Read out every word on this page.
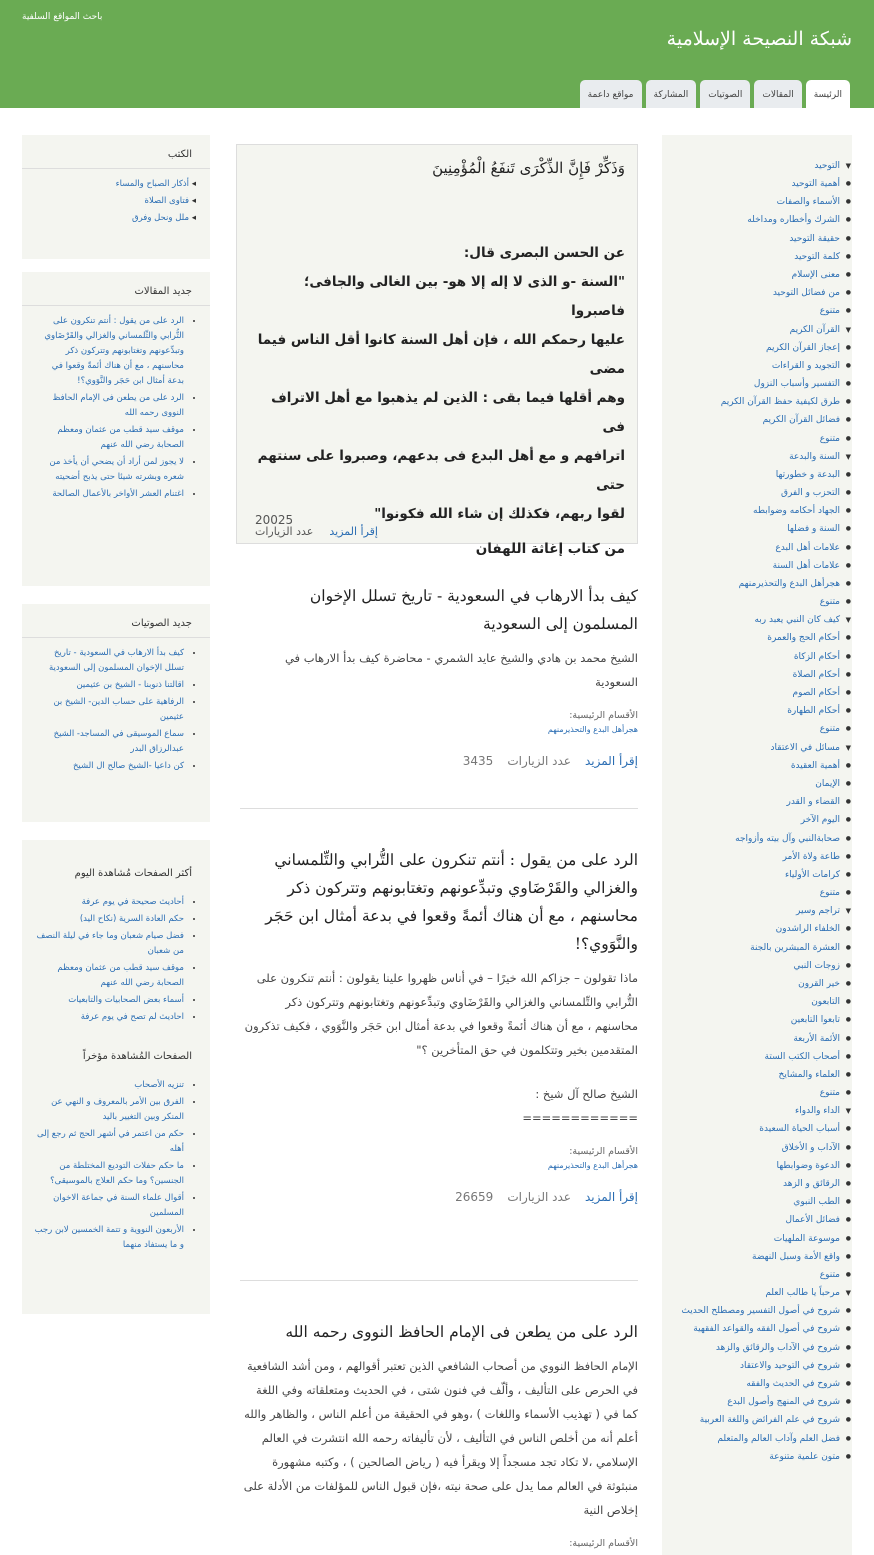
شبكة النصيحة الإسلامية
باحث المواقع السلفية
الرئيسة
المقالات
الصوتيات
المشاركة
مواقع داعمة
▼ التوحيد
● أهمية التوحيد
● الأسماء والصفات
● الشرك وأخطاره ومداخله
● حقيقة التوحيد
● كلمة التوحيد
● معنى الإسلام
● من فضائل التوحيد
● متنوع
▼ القرآن الكريم
● إعجاز القرآن الكريم
● التجويد و القراءات
● التفسير وأسباب النزول
● طرق لكيفية حفظ القرآن الكريم
● فضائل القرآن الكريم
● متنوع
▼ السنة والبدعة
● البدعة و خطورتها
● التحزب و الفرق
● الجهاد أحكامه وضوابطه
● السنة و فضلها
● علامات أهل البدع
● علامات أهل السنة
● هجرأهل البدع والتحذيرمنهم
● متنوع
▼ كيف كان النبي يعبد ربه
● أحكام الحج والعمرة
● أحكام الزكاة
● أحكام الصلاة
● أحكام الصوم
● أحكام الطهارة
● متنوع
▼ مسائل في الاعتقاد
● أهمية العقيدة
● الإيمان
● القضاء و القدر
● اليوم الآخر
● صحابةالنبي وآل بيته وأزواجه
● طاعة ولاة الأمر
● كرامات الأولياء
● متنوع
▼ تراجم وسير
● الخلفاء الراشدون
● العشرة المبشرين بالجنة
● زوجات النبي
● خير القرون
● التابعون
● تابعوا التابعين
● الأئمة الأربعة
● أصحاب الكتب الستة
● العلماء والمشايخ
● متنوع
▼ الداء والدواء
● أسباب الحياة السعيدة
● الآداب و الأخلاق
● الدعوة وضوابطها
● الرقائق و الزهد
● الطب النبوي
● فضائل الأعمال
● موسوعة الملهيات
● واقع الأمة وسبل النهضة
● متنوع
▼ مرحباً يا طالب العلم
● شروح في أصول التفسير ومصطلح الحديث
● شروح في أصول الفقه والقواعد الفقهية
● شروح في الآداب والرقائق والزهد
● شروح في التوحيد والاعتقاد
● شروح في الحديث والفقه
● شروح في المنهج وأصول البدع
● شروح في علم الفرائض واللغة العربية
● فضل العلم وآداب العالم والمتعلم
● متون علمية متنوعة
الكتب
◂ أذكار الصباح والمساء
◂ فتاوى الصلاة
◂ ملل ونحل وفرق
جديد المقالات
• الرد على من يقول : أنتم تنكرون على التُّرابي والتِّلمساني والغزالي والقَرْضَاوي وتبدِّعونهم وتغتابونهم وتتركون ذكر محاسنهم ، مع أن هناك أئمةً وقعوا في بدعة أمثال ابن حَجَر والنَّوَوي؟!
• الرد على من يطعن فى الإمام الحافظ النووى رحمه الله
• موقف سيد قطب من عثمان ومعظم الصحابة رضي الله عنهم
• لا يجوز لمن أراد أن يضحي أن يأخذ من شعره وبشرته شيئا حتى يذبح أضحيته
• اغتنام العشر الأواخر بالأعمال الصالحة
جديد الصوتيات
• كيف بدأ الارهاب في السعودية - تاريخ تسلل الإخوان المسلمون إلى السعودية
• اقالتنا ذنوبنا - الشيخ بن عثيمين
• الرفاهية على حساب الدين- الشيخ بن عثيمين
• سماع الموسيقى في المساجد- الشيخ عبدالرزاق البدر
• كن داعيا -الشيخ صالح ال الشيخ
أكثر الصفحات مُشاهدة اليوم
• أحاديث صحيحة في يوم عرفة
• حكم العادة السرية (نكاح اليد)
• فضل صيام شعبان وما جاء في ليلة النصف من شعبان
• موقف سيد قطب من عثمان ومعظم الصحابة رضي الله عنهم
• أسماء بعض الصحابيات والتابعيات
• احاديث لم تصح في يوم عرفة
الصفحات المُشاهدة مؤخراً
• تنزيه الأصحاب
• الفرق بين الأمر بالمعروف و النهي عن المنكر وبين التغيير باليد
• حكم من اعتمر في أشهر الحج ثم رجع إلى أهله
• ما حكم حفلات التوديع المختلطة من الجنسين؟ وما حكم العلاج بالموسيقى؟
• أقوال علماء السنة في جماعة الاخوان المسلمين
• الأربعون النووية و تتمة الخمسين لابن رجب و ما يستفاد منهما
وَذَكِّرْ فَإِنَّ الذِّكْرَى تَنفَعُ الْمُؤْمِنِينَ
عن الحسن البصرى قال:
"السنة -و الذى لا إله إلا هو- بين الغالى والجافى؛ فاصبروا
عليها رحمكم الله ، فإن أهل السنة كانوا أقل الناس فيما مضى
وهم أقلها فيما بقى : الذين لم يذهبوا مع أهل الاتراف فى
اترافهم و مع أهل البدع فى بدعهم، وصبروا على سنتهم حتى
لقوا ربهم، فكذلك إن شاء الله فكونوا"
من كتاب إغاثة اللهفان
عدد الزيارات إقرأ المزيد
20025
كيف بدأ الارهاب في السعودية - تاريخ تسلل الإخوان المسلمون إلى السعودية

الشيخ محمد بن هادي والشيخ عايد الشمري - محاضرة كيف بدأ الارهاب في السعودية

الأقسام الرئيسية:
هجرأهل البدع والتحذيرمنهم
إقرأ المزيد
عدد الزيارات
3435
الرد على من يقول : أنتم تنكرون على التُّرابي والتِّلمساني والغزالي والقَرْضَاوي وتبدِّعونهم وتغتابونهم وتتركون ذكر محاسنهم ، مع أن هناك أئمةً وقعوا في بدعة أمثال ابن حَجَر والنَّوَوي؟!

ماذا تقولون – جزاكم الله خيرًا – في أناس ظهروا علينا يقولون : أنتم تنكرون على التُّرابي والتِّلمساني والغزالي والقَرْضَاوي وتبدِّعونهم وتغتابونهم وتتركون ذكر محاسنهم ، مع أن هناك أئمةً وقعوا في بدعة أمثال ابن حَجَر والنَّوَوي ، فكيف تذكرون المتقدمين بخير وتتكلمون في حق المتأخرين ؟"

الشيخ صالح آل شيخ :

============

الأقسام الرئيسية:
هجرأهل البدع والتحذيرمنهم
إقرأ المزيد
عدد الزيارات
26659
الرد على من يطعن فى الإمام الحافظ النووى رحمه الله

الإمام الحافظ النووي من أصحاب الشافعي الذين تعتبر أقوالهم ، ومن أشد الشافعية في الحرص على التأليف ، وألّف في فنون شتى ، في الحديث ومتعلقاته وفي اللغة كما في ( تهذيب الأسماء واللغات ) ،وهو في الحقيقة من أعلم الناس ، والظاهر والله أعلم أنه من أخلص الناس في التأليف ، لأن تأليفاته رحمه الله انتشرت في العالم الإسلامي ،لا تكاد تجد مسجداً إلا ويقرأ فيه ( رياض الصالحين ) ، وكتبه مشهورة منبثوثة في العالم مما يدل على صحة نيته ،فإن قبول الناس للمؤلفات من الأدلة على إخلاص النية

الأقسام الرئيسية:
